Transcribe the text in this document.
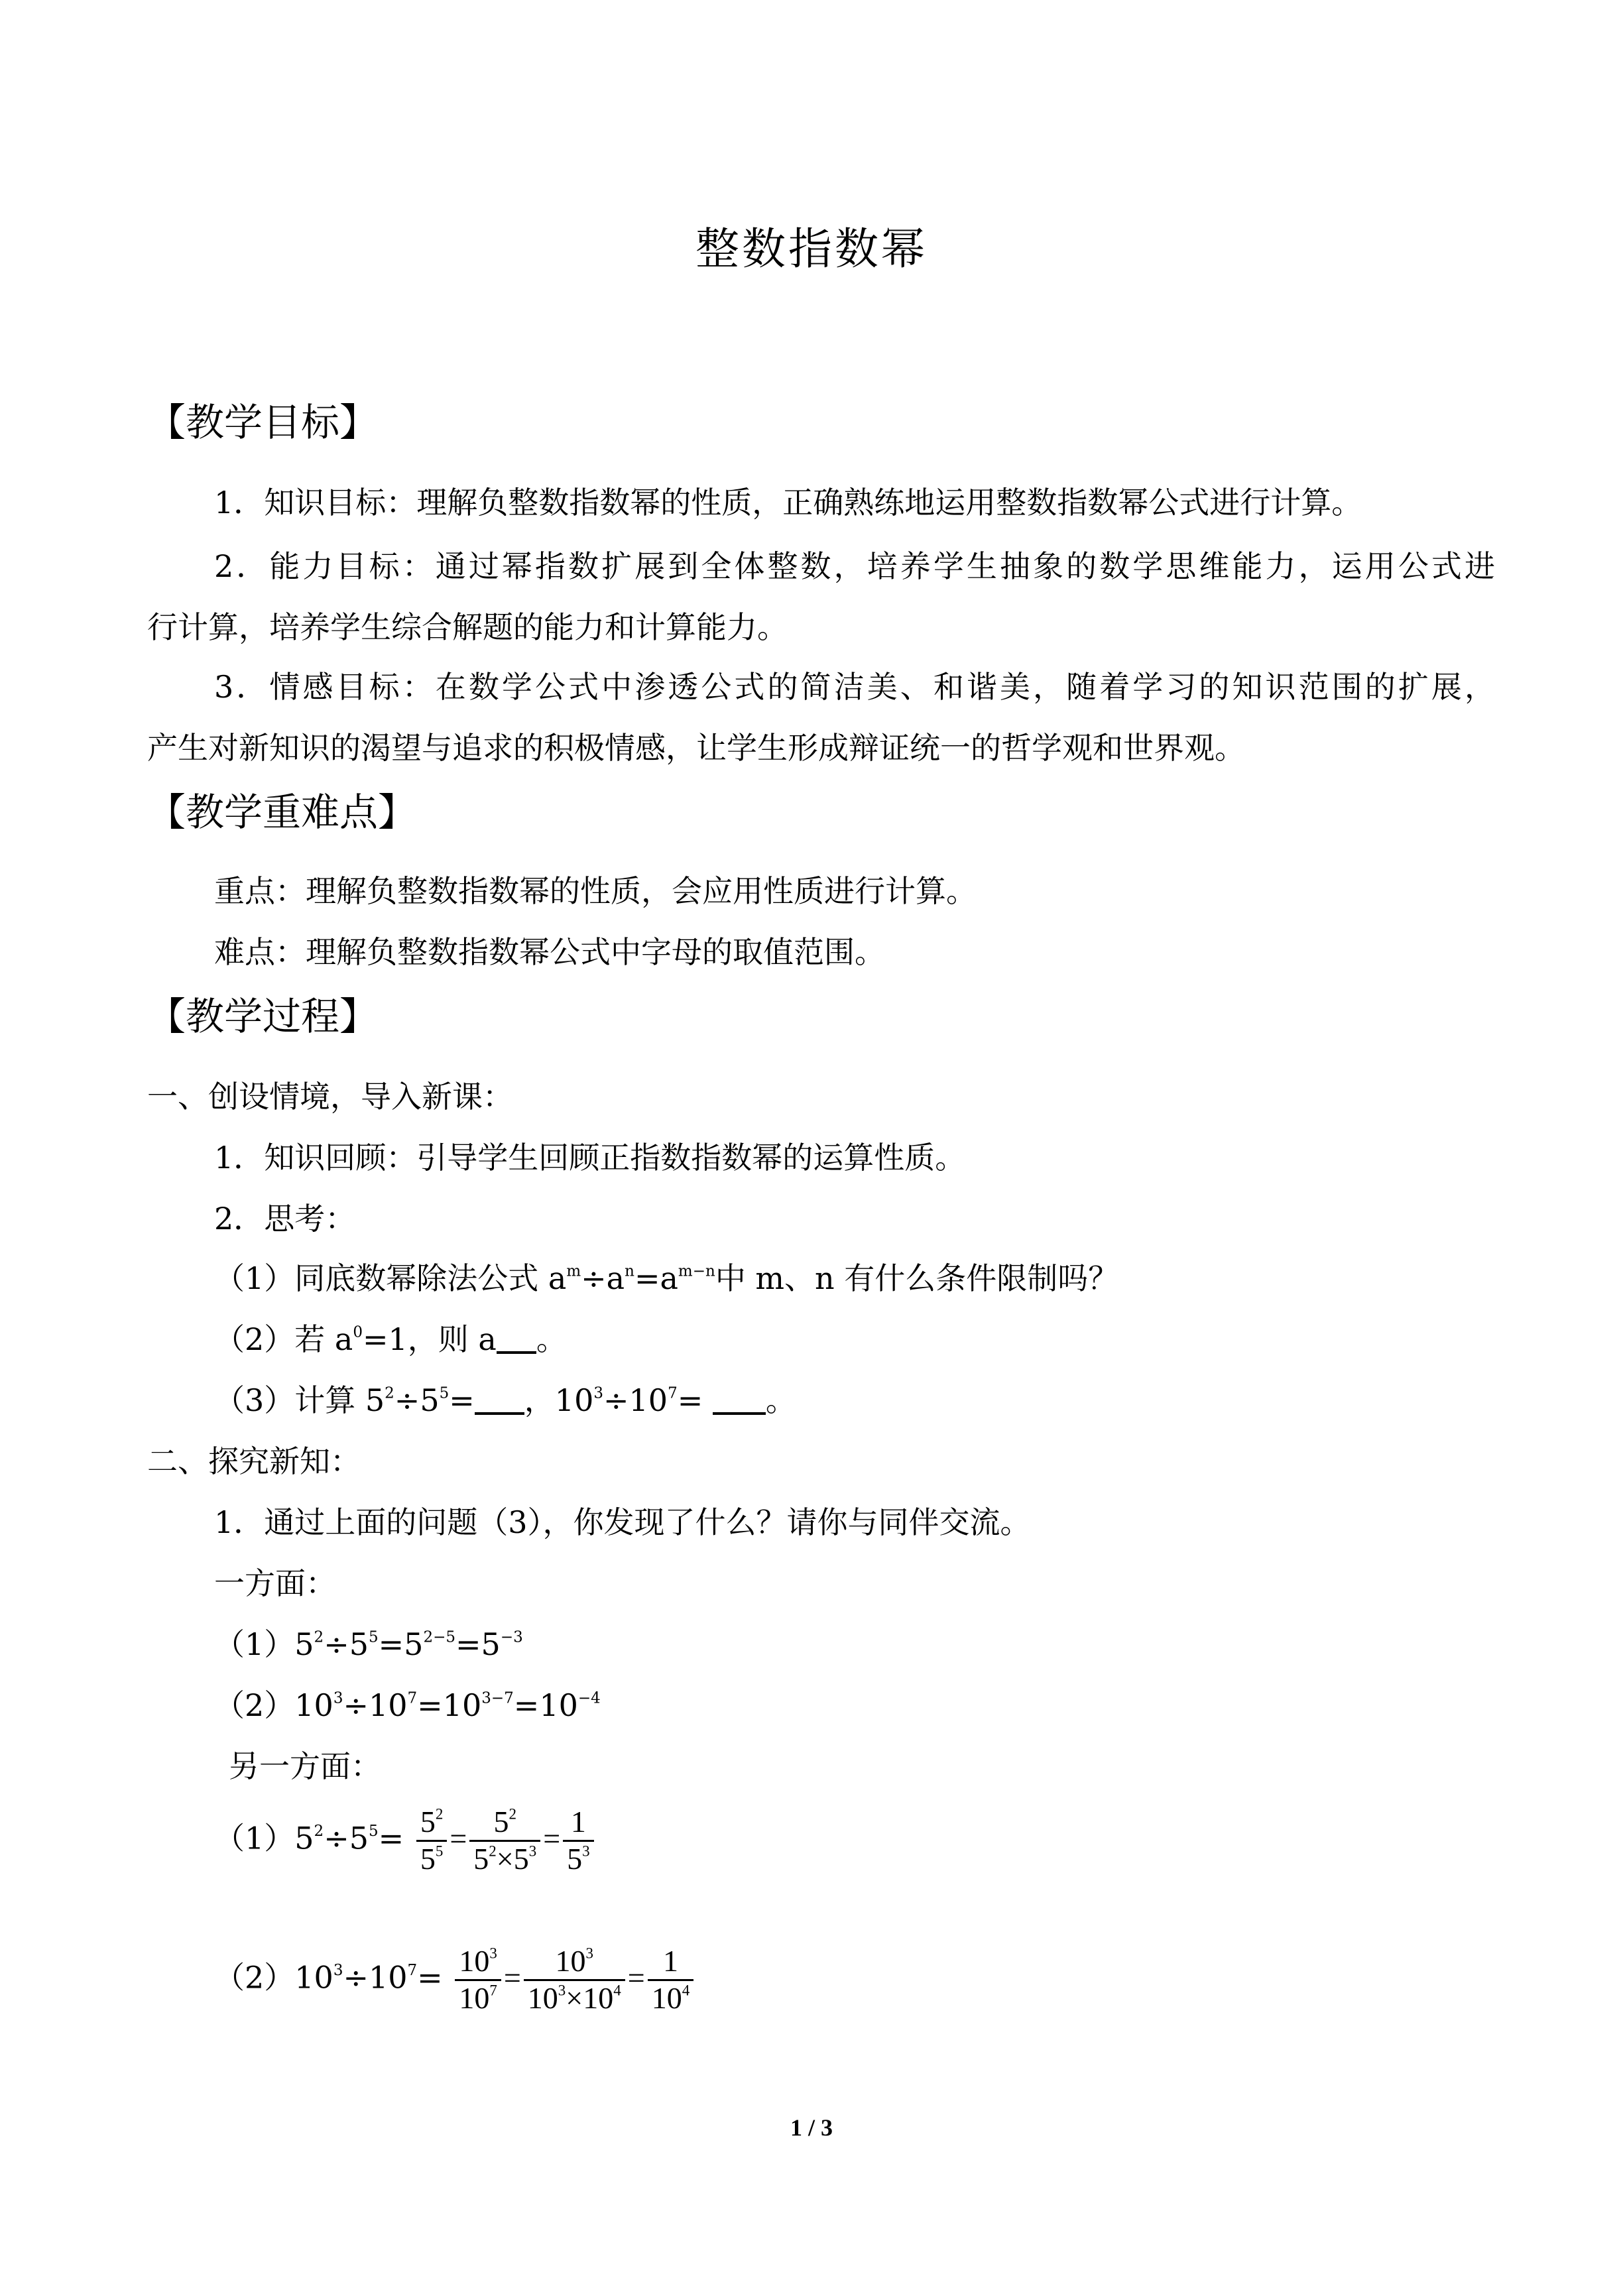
整数指数幂
【教学目标】
1．知识目标：理解负整数指数幂的性质，正确熟练地运用整数指数幂公式进行计算。
2．能力目标：通过幂指数扩展到全体整数，培养学生抽象的数学思维能力，运用公式进
行计算，培养学生综合解题的能力和计算能力。
3．情感目标：在数学公式中渗透公式的简洁美、和谐美，随着学习的知识范围的扩展，
产生对新知识的渴望与追求的积极情感，让学生形成辩证统一的哲学观和世界观。
【教学重难点】
重点：理解负整数指数幂的性质，会应用性质进行计算。
难点：理解负整数指数幂公式中字母的取值范围。
【教学过程】
一、创设情境，导入新课：
1．知识回顾：引导学生回顾正指数指数幂的运算性质。
2．思考：
（1）同底数幂除法公式 $a^m\div a^n=a^{m-n}$中 m、n 有什么条件限制吗？
（2）若 $a^0=1$，则 a 。
（3）计算 $5^2\div 5^5=$ ，$10^3\div 10^7=$ 。
二、探究新知：
1．通过上面的问题（3），你发现了什么？请你与同伴交流。
一方面：
$(1)5^2\div 5^5=5^{2-5}=5^{-3}$
$(2)10^3\div 10^7=10^{3-7}=10^{-4}$
另一方面：
$(1)5^2\div 5^5= \frac{5^2}{5^5} = \frac{5^2}{5^2\times 5^3} = \frac{1}{5^3}$
$(2)10^3\div 10^7= \frac{10^3}{10^7} = \frac{10^3}{10^3\times 10^4} = \frac{1}{10^4}$
1 / 3
